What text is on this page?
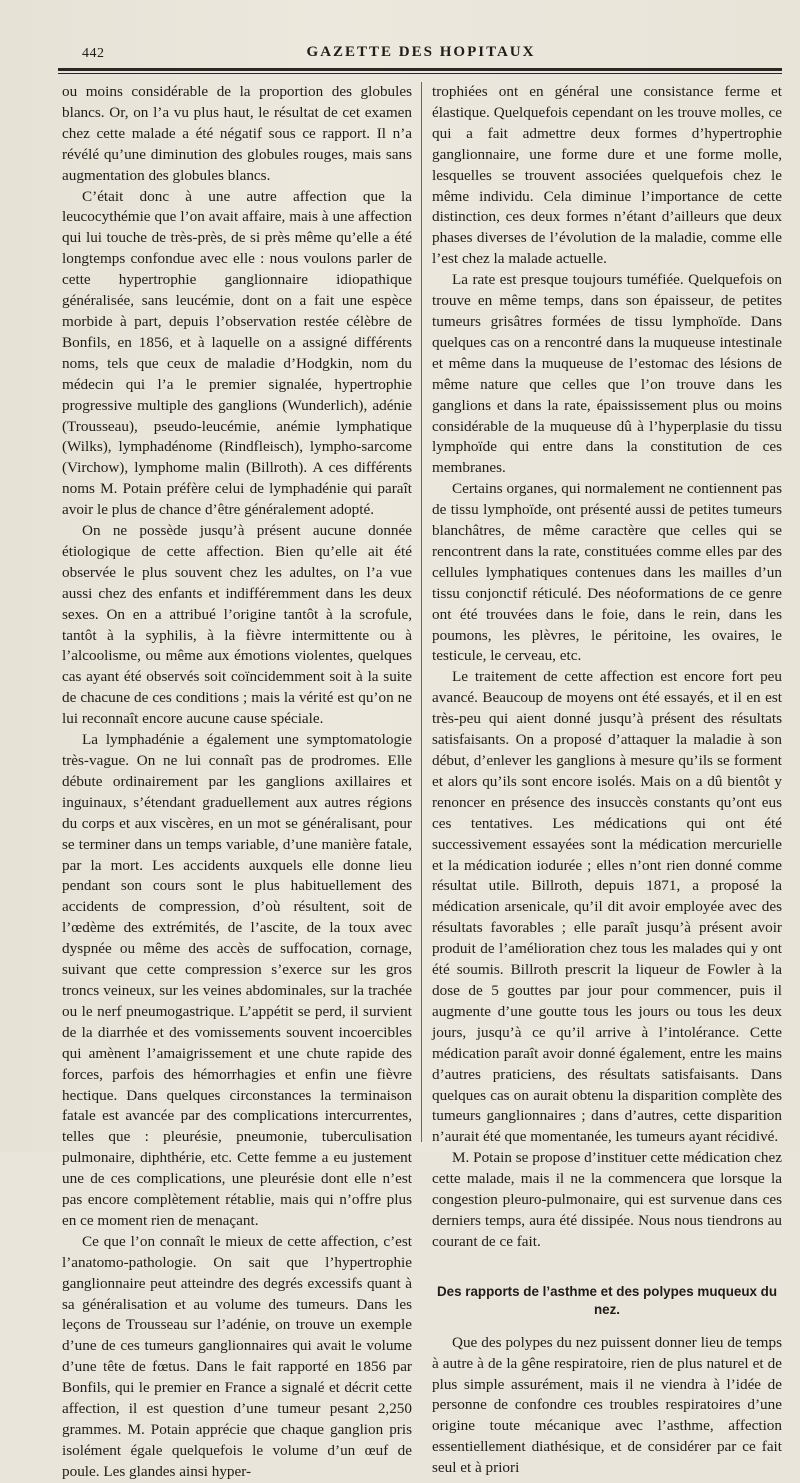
442	GAZETTE DES HOPITAUX

ou moins considérable de la proportion des globules blancs. Or, on l’a vu plus haut, le résultat de cet examen chez cette malade a été négatif sous ce rapport. Il n’a révélé qu’une diminution des globules rouges, mais sans augmentation des globules blancs.

C’était donc à une autre affection que la leucocythémie que l’on avait affaire, mais à une affection qui lui touche de très-près, de si près même qu’elle a été longtemps confondue avec elle : nous voulons parler de cette hypertrophie ganglionnaire idiopathique généralisée, sans leucémie, dont on a fait une espèce morbide à part, depuis l’observation restée célèbre de Bonfils, en 1856, et à laquelle on a assigné différents noms, tels que ceux de maladie d’Hodgkin, nom du médecin qui l’a le premier signalée, hypertrophie progressive multiple des ganglions (Wunderlich), adénie (Trousseau), pseudo-leucémie, anémie lymphatique (Wilks), lymphadénome (Rindfleisch), lympho-sarcome (Virchow), lymphome malin (Billroth). A ces différents noms M. Potain préfère celui de lymphadénie qui paraît avoir le plus de chance d’être généralement adopté.

On ne possède jusqu’à présent aucune donnée étiologique de cette affection. Bien qu’elle ait été observée le plus souvent chez les adultes, on l’a vue aussi chez des enfants et indifféremment dans les deux sexes. On en a attribué l’origine tantôt à la scrofule, tantôt à la syphilis, à la fièvre intermittente ou à l’alcoolisme, ou même aux émotions violentes, quelques cas ayant été observés soit coïncidemment soit à la suite de chacune de ces conditions ; mais la vérité est qu’on ne lui reconnaît encore aucune cause spéciale.

La lymphadénie a également une symptomatologie très-vague. On ne lui connaît pas de prodromes. Elle débute ordinairement par les ganglions axillaires et inguinaux, s’étendant graduellement aux autres régions du corps et aux viscères, en un mot se généralisant, pour se terminer dans un temps variable, d’une manière fatale, par la mort. Les accidents auxquels elle donne lieu pendant son cours sont le plus habituellement des accidents de compression, d’où résultent, soit de l’œdème des extrémités, de l’ascite, de la toux avec dyspnée ou même des accès de suffocation, cornage, suivant que cette compression s’exerce sur les gros troncs veineux, sur les veines abdominales, sur la trachée ou le nerf pneumogastrique. L’appétit se perd, il survient de la diarrhée et des vomissements souvent incoercibles qui amènent l’amaigrissement et une chute rapide des forces, parfois des hémorrhagies et enfin une fièvre hectique. Dans quelques circonstances la terminaison fatale est avancée par des complications intercurrentes, telles que : pleurésie, pneumonie, tuberculisation pulmonaire, diphthérie, etc. Cette femme a eu justement une de ces complications, une pleurésie dont elle n’est pas encore complètement rétablie, mais qui n’offre plus en ce moment rien de menaçant.

Ce que l’on connaît le mieux de cette affection, c’est l’anatomo-pathologie. On sait que l’hypertrophie ganglionnaire peut atteindre des degrés excessifs quant à sa généralisation et au volume des tumeurs. Dans les leçons de Trousseau sur l’adénie, on trouve un exemple d’une de ces tumeurs ganglionnaires qui avait le volume d’une tête de fœtus. Dans le fait rapporté en 1856 par Bonfils, qui le premier en France a signalé et décrit cette affection, il est question d’une tumeur pesant 2,250 grammes. M. Potain apprécie que chaque ganglion pris isolément égale quelquefois le volume d’un œuf de poule. Les glandes ainsi hyper-

trophiées ont en général une consistance ferme et élastique. Quelquefois cependant on les trouve molles, ce qui a fait admettre deux formes d’hypertrophie ganglionnaire, une forme dure et une forme molle, lesquelles se trouvent associées quelquefois chez le même individu. Cela diminue l’importance de cette distinction, ces deux formes n’étant d’ailleurs que deux phases diverses de l’évolution de la maladie, comme elle l’est chez la malade actuelle.

La rate est presque toujours tuméfiée. Quelquefois on trouve en même temps, dans son épaisseur, de petites tumeurs grisâtres formées de tissu lymphoïde. Dans quelques cas on a rencontré dans la muqueuse intestinale et même dans la muqueuse de l’estomac des lésions de même nature que celles que l’on trouve dans les ganglions et dans la rate, épaississement plus ou moins considérable de la muqueuse dû à l’hyperplasie du tissu lymphoïde qui entre dans la constitution de ces membranes.

Certains organes, qui normalement ne contiennent pas de tissu lymphoïde, ont présenté aussi de petites tumeurs blanchâtres, de même caractère que celles qui se rencontrent dans la rate, constituées comme elles par des cellules lymphatiques contenues dans les mailles d’un tissu conjonctif réticulé. Des néoformations de ce genre ont été trouvées dans le foie, dans le rein, dans les poumons, les plèvres, le péritoine, les ovaires, le testicule, le cerveau, etc.

Le traitement de cette affection est encore fort peu avancé. Beaucoup de moyens ont été essayés, et il en est très-peu qui aient donné jusqu’à présent des résultats satisfaisants. On a proposé d’attaquer la maladie à son début, d’enlever les ganglions à mesure qu’ils se forment et alors qu’ils sont encore isolés. Mais on a dû bientôt y renoncer en présence des insuccès constants qu’ont eus ces tentatives. Les médications qui ont été successivement essayées sont la médication mercurielle et la médication iodurée ; elles n’ont rien donné comme résultat utile. Billroth, depuis 1871, a proposé la médication arsenicale, qu’il dit avoir employée avec des résultats favorables ; elle paraît jusqu’à présent avoir produit de l’amélioration chez tous les malades qui y ont été soumis. Billroth prescrit la liqueur de Fowler à la dose de 5 gouttes par jour pour commencer, puis il augmente d’une goutte tous les jours ou tous les deux jours, jusqu’à ce qu’il arrive à l’intolérance. Cette médication paraît avoir donné également, entre les mains d’autres praticiens, des résultats satisfaisants. Dans quelques cas on aurait obtenu la disparition complète des tumeurs ganglionnaires ; dans d’autres, cette disparition n’aurait été que momentanée, les tumeurs ayant récidivé.

M. Potain se propose d’instituer cette médication chez cette malade, mais il ne la commencera que lorsque la congestion pleuro-pulmonaire, qui est survenue dans ces derniers temps, aura été dissipée. Nous nous tiendrons au courant de ce fait.

Des rapports de l’asthme et des polypes muqueux du nez.

Que des polypes du nez puissent donner lieu de temps à autre à de la gêne respiratoire, rien de plus naturel et de plus simple assurément, mais il ne viendra à l’idée de personne de confondre ces troubles respiratoires d’une origine toute mécanique avec l’asthme, affection essentiellement diathésique, et de considérer par ce fait seul et à priori
